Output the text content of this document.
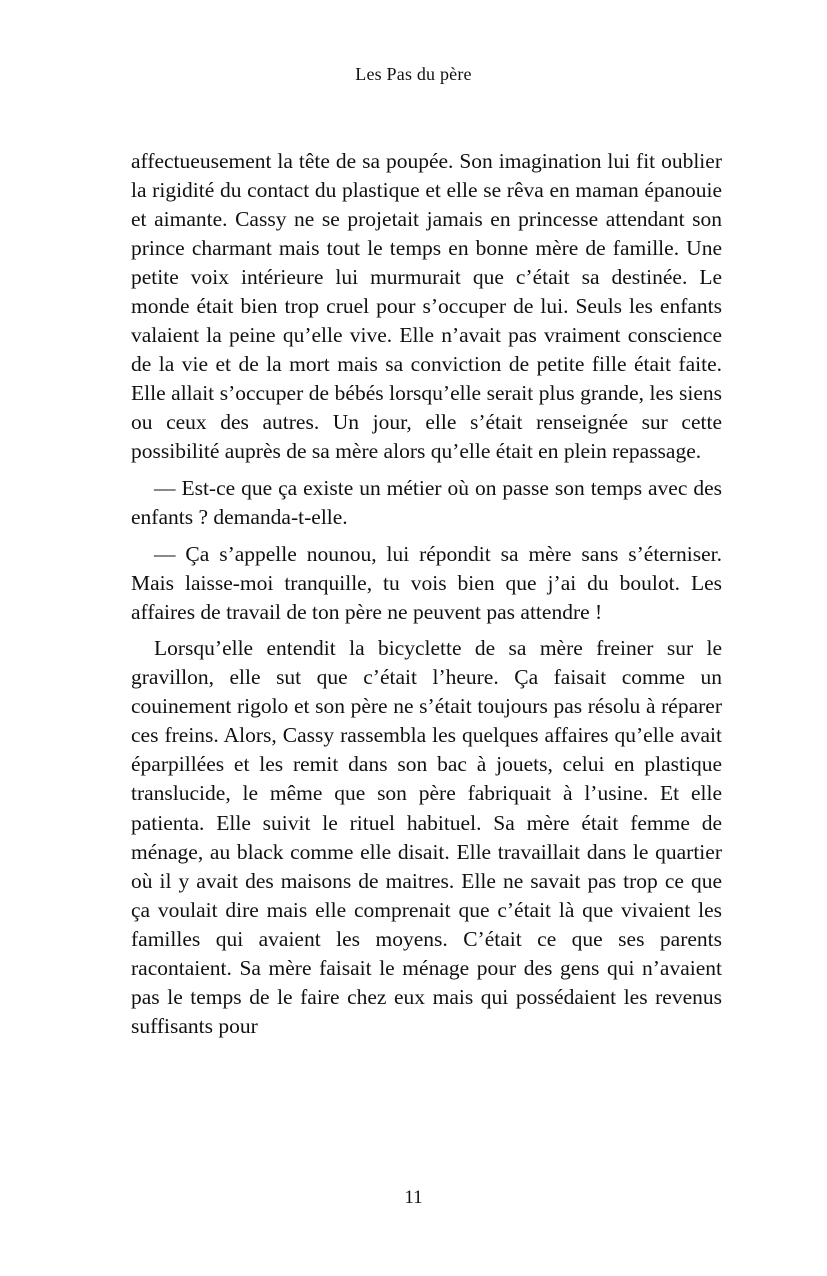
Les Pas du père

affectueusement la tête de sa poupée. Son imagination lui fit oublier la rigidité du contact du plastique et elle se rêva en maman épanouie et aimante. Cassy ne se projetait jamais en princesse attendant son prince charmant mais tout le temps en bonne mère de famille. Une petite voix intérieure lui murmurait que c’était sa destinée. Le monde était bien trop cruel pour s’occuper de lui. Seuls les enfants valaient la peine qu’elle vive. Elle n’avait pas vraiment conscience de la vie et de la mort mais sa conviction de petite fille était faite. Elle allait s’occuper de bébés lorsqu’elle serait plus grande, les siens ou ceux des autres. Un jour, elle s’était renseignée sur cette possibilité auprès de sa mère alors qu’elle était en plein repassage.

— Est-ce que ça existe un métier où on passe son temps avec des enfants ? demanda-t-elle.

— Ça s’appelle nounou, lui répondit sa mère sans s’éterniser. Mais laisse-moi tranquille, tu vois bien que j’ai du boulot. Les affaires de travail de ton père ne peuvent pas attendre !

Lorsqu’elle entendit la bicyclette de sa mère freiner sur le gravillon, elle sut que c’était l’heure. Ça faisait comme un couinement rigolo et son père ne s’était toujours pas résolu à réparer ces freins. Alors, Cassy rassembla les quelques affaires qu’elle avait éparpillées et les remit dans son bac à jouets, celui en plastique translucide, le même que son père fabriquait à l’usine. Et elle patienta. Elle suivit le rituel habituel. Sa mère était femme de ménage, au black comme elle disait. Elle travaillait dans le quartier où il y avait des maisons de maitres. Elle ne savait pas trop ce que ça voulait dire mais elle comprenait que c’était là que vivaient les familles qui avaient les moyens. C’était ce que ses parents racontaient. Sa mère faisait le ménage pour des gens qui n’avaient pas le temps de le faire chez eux mais qui possédaient les revenus suffisants pour

11
